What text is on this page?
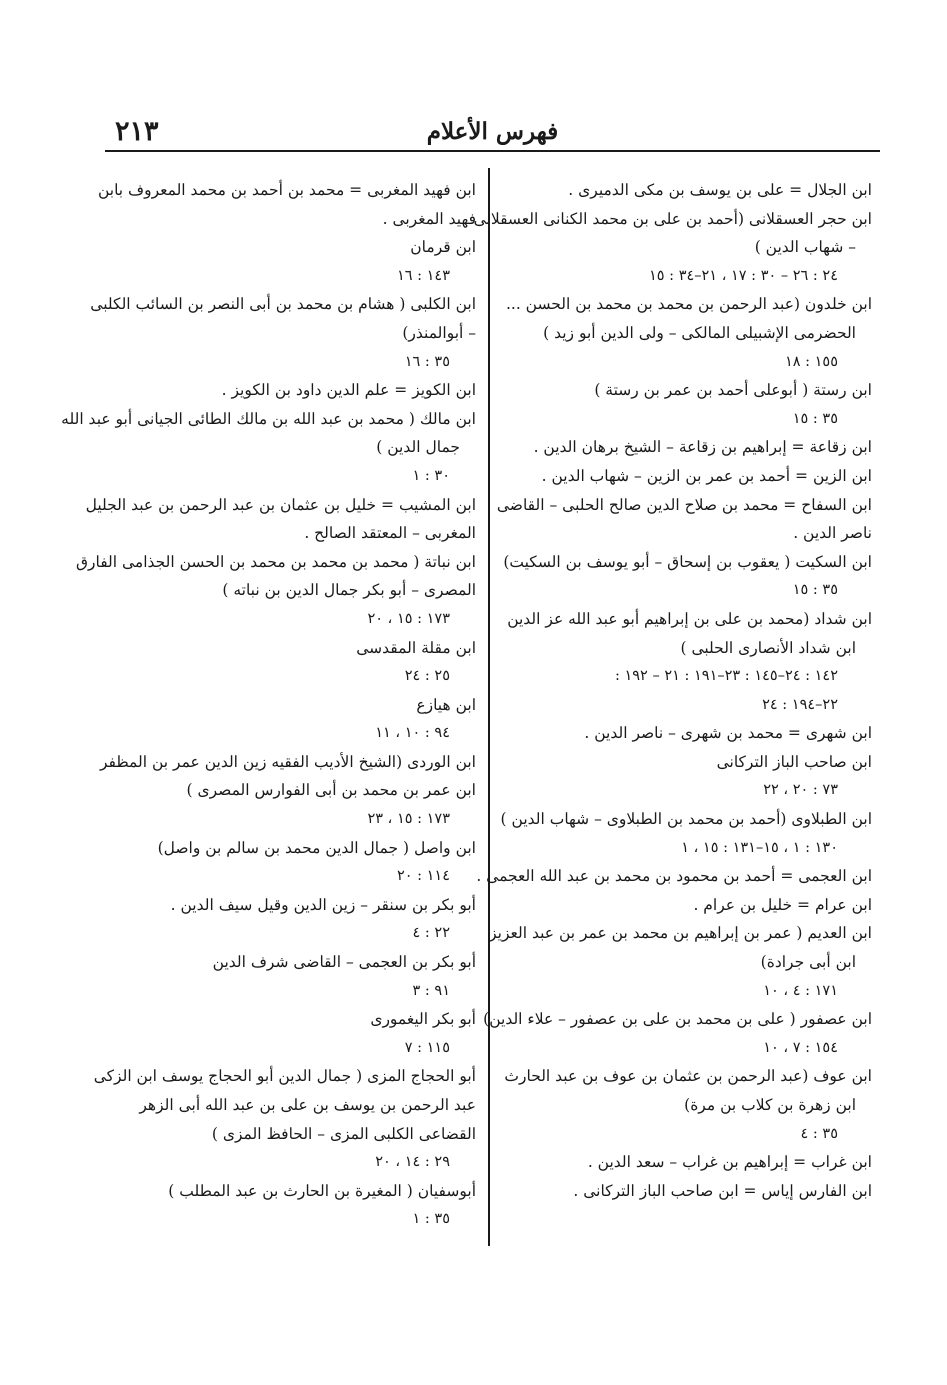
٢١٣	فهرس الأعلام
ابن الجلال = على بن يوسف بن مكى الدميرى .
ابن حجر العسقلانى (أحمد بن على بن محمد الكنانى العسقلانى
– شهاب الدين )
٢٤ : ٢٦ – ٣٠ : ١٧ ، ٢١–٣٤ : ١٥
ابن خلدون (عبد الرحمن بن محمد بن محمد بن الحسن ...
الحضرمى الإشبيلى المالكى – ولى الدين أبو زيد )
١٥٥ : ١٨
ابن رستة ( أبوعلى أحمد بن عمر بن رستة )
٣٥ : ١٥
ابن زقاعة = إبراهيم بن زقاعة – الشيخ برهان الدين .
ابن الزين = أحمد بن عمر بن الزين – شهاب الدين .
ابن السفاح = محمد بن صلاح الدين صالح الحلبى – القاضى
ناصر الدين .
ابن السكيت ( يعقوب بن إسحاق – أبو يوسف بن السكيت)
٣٥ : ١٥
ابن شداد (محمد بن على بن إبراهيم أبو عبد الله عز الدين
ابن شداد الأنصارى الحلبى )
١٤٢ : ٢٤–١٤٥ : ٢٣–١٩١ : ٢١ – ١٩٢ :
٢٢–١٩٤ : ٢٤
ابن شهرى = محمد بن شهرى – ناصر الدين .
ابن صاحب الباز التركانى
٧٣ : ٢٠ ، ٢٢
ابن الطبلاوى (أحمد بن محمد بن الطبلاوى – شهاب الدين )
١٣٠ : ١ ، ١٥–١٣١ : ١٥ ، ١
ابن العجمى = أحمد بن محمود بن محمد بن عبد الله العجمى .
ابن عرام = خليل بن عرام .
ابن العديم ( عمر بن إبراهيم بن محمد بن عمر بن عبد العزيز
ابن أبى جرادة)
١٧١ : ٤ ، ١٠
ابن عصفور ( على بن محمد بن على بن عصفور – علاء الدين)
١٥٤ : ٧ ، ١٠
ابن عوف (عبد الرحمن بن عثمان بن عوف بن عبد الحارث
ابن زهرة بن كلاب بن مرة)
٣٥ : ٤
ابن غراب = إبراهيم بن غراب – سعد الدين .
ابن الفارس إياس = ابن صاحب الباز التركانى .
ابن فهيد المغربى = محمد بن أحمد بن محمد المعروف بابن
فهيد المغربى .
ابن قرمان
١٤٣ : ١٦
ابن الكلبى ( هشام بن محمد بن أبى النصر بن السائب الكلبى
– أبوالمنذر)
٣٥ : ١٦
ابن الكويز = علم الدين داود بن الكويز .
ابن مالك ( محمد بن عبد الله بن مالك الطائى الجيانى أبو عبد الله
جمال الدين )
٣٠ : ١
ابن المشيب = خليل بن عثمان بن عبد الرحمن بن عبد الجليل
المغربى – المعتقد الصالح .
ابن نباتة ( محمد بن محمد بن محمد بن الحسن الجذامى الفارق
المصرى – أبو بكر جمال الدين بن نباته )
١٧٣ : ١٥ ، ٢٠
ابن مقلة المقدسى
٢٥ : ٢٤
ابن هيازع
٩٤ : ١٠ ، ١١
ابن الوردى (الشيخ الأديب الفقيه زين الدين عمر بن المظفر
ابن عمر بن محمد بن أبى الفوارس المصرى )
١٧٣ : ١٥ ، ٢٣
ابن واصل ( جمال الدين محمد بن سالم بن واصل)
١١٤ : ٢٠
أبو بكر بن سنقر – زين الدين وقيل سيف الدين .
٢٢ : ٤
أبو بكر بن العجمى – القاضى شرف الدين
٩١ : ٣
أبو بكر اليغمورى
١١٥ : ٧
أبو الحجاج المزى ( جمال الدين أبو الحجاج يوسف ابن الزكى
عبد الرحمن بن يوسف بن على بن عبد الله أبى الزهر
القضاعى الكلبى المزى – الحافظ المزى )
٢٩ : ١٤ ، ٢٠
أبوسفيان ( المغيرة بن الحارث بن عبد المطلب )
٣٥ : ١
